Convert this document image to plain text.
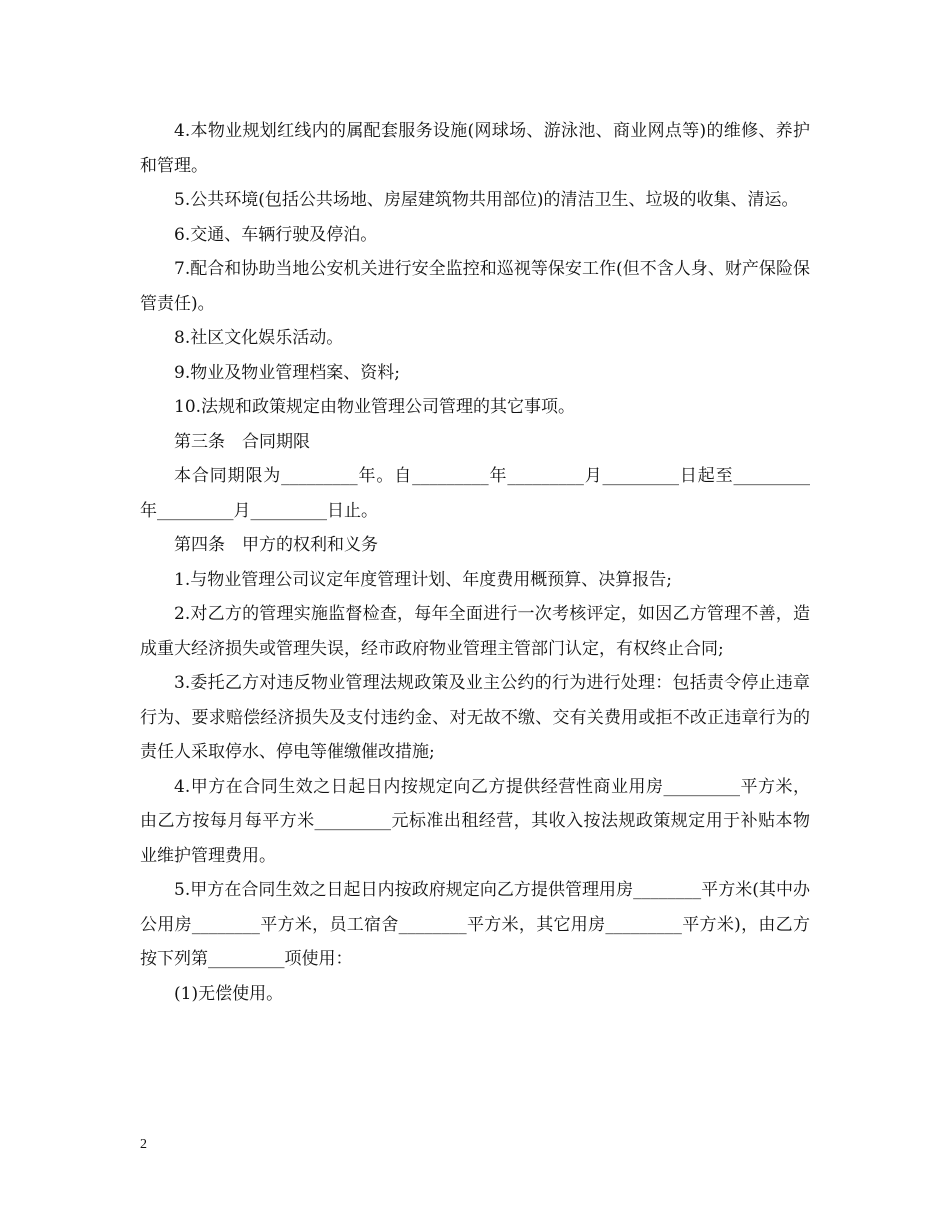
4.本物业规划红线内的属配套服务设施(网球场、游泳池、商业网点等)的维修、养护和管理。

5.公共环境(包括公共场地、房屋建筑物共用部位)的清洁卫生、垃圾的收集、清运。

6.交通、车辆行驶及停泊。

7.配合和协助当地公安机关进行安全监控和巡视等保安工作(但不含人身、财产保险保管责任)。

8.社区文化娱乐活动。

9.物业及物业管理档案、资料;

10.法规和政策规定由物业管理公司管理的其它事项。

第三条　合同期限

本合同期限为_________年。自_________年_________月_________日起至_________年_________月_________日止。

第四条　甲方的权利和义务

1.与物业管理公司议定年度管理计划、年度费用概预算、决算报告;

2.对乙方的管理实施监督检查，每年全面进行一次考核评定，如因乙方管理不善，造成重大经济损失或管理失误，经市政府物业管理主管部门认定，有权终止合同;

3.委托乙方对违反物业管理法规政策及业主公约的行为进行处理：包括责令停止违章行为、要求赔偿经济损失及支付违约金、对无故不缴、交有关费用或拒不改正违章行为的责任人采取停水、停电等催缴催改措施;

4.甲方在合同生效之日起日内按规定向乙方提供经营性商业用房_________平方米，由乙方按每月每平方米_________元标准出租经营，其收入按法规政策规定用于补贴本物业维护管理费用。

5.甲方在合同生效之日起日内按政府规定向乙方提供管理用房________平方米(其中办公用房________平方米，员工宿舍________平方米，其它用房_________平方米)，由乙方按下列第_________项使用：

(1)无偿使用。

2
